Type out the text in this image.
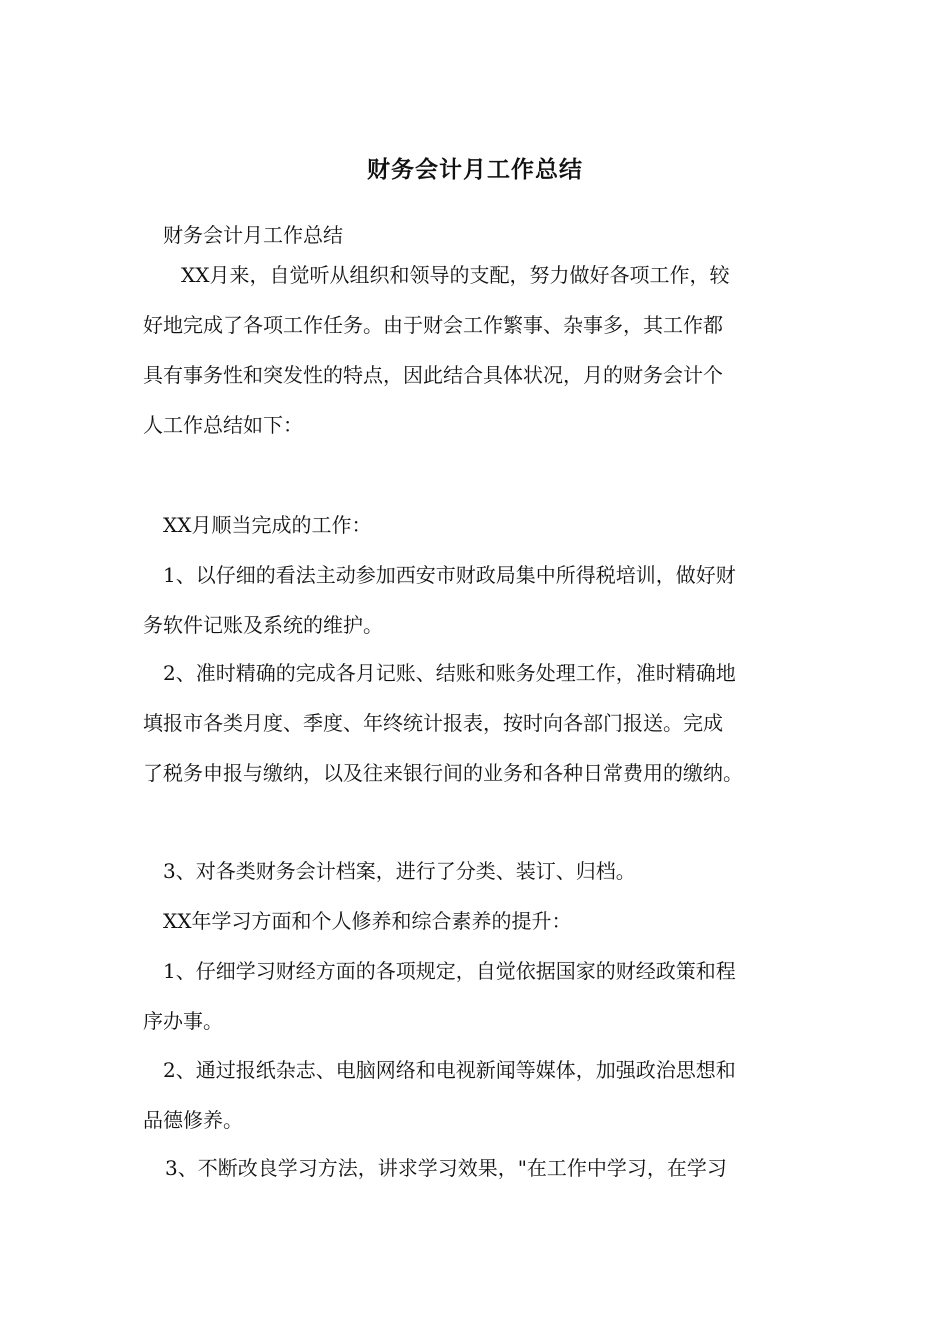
财务会计月工作总结
财务会计月工作总结
XX月来，自觉听从组织和领导的支配，努力做好各项工作，较
好地完成了各项工作任务。由于财会工作繁事、杂事多，其工作都
具有事务性和突发性的特点，因此结合具体状况，月的财务会计个
人工作总结如下：
XX月顺当完成的工作：
1、以仔细的看法主动参加西安市财政局集中所得税培训，做好财
务软件记账及系统的维护。
2、准时精确的完成各月记账、结账和账务处理工作，准时精确地
填报市各类月度、季度、年终统计报表，按时向各部门报送。完成
了税务申报与缴纳，以及往来银行间的业务和各种日常费用的缴纳。
3、对各类财务会计档案，进行了分类、装订、归档。
XX年学习方面和个人修养和综合素养的提升：
1、仔细学习财经方面的各项规定，自觉依据国家的财经政策和程
序办事。
2、通过报纸杂志、电脑网络和电视新闻等媒体，加强政治思想和
品德修养。
3、不断改良学习方法，讲求学习效果，"在工作中学习，在学习
